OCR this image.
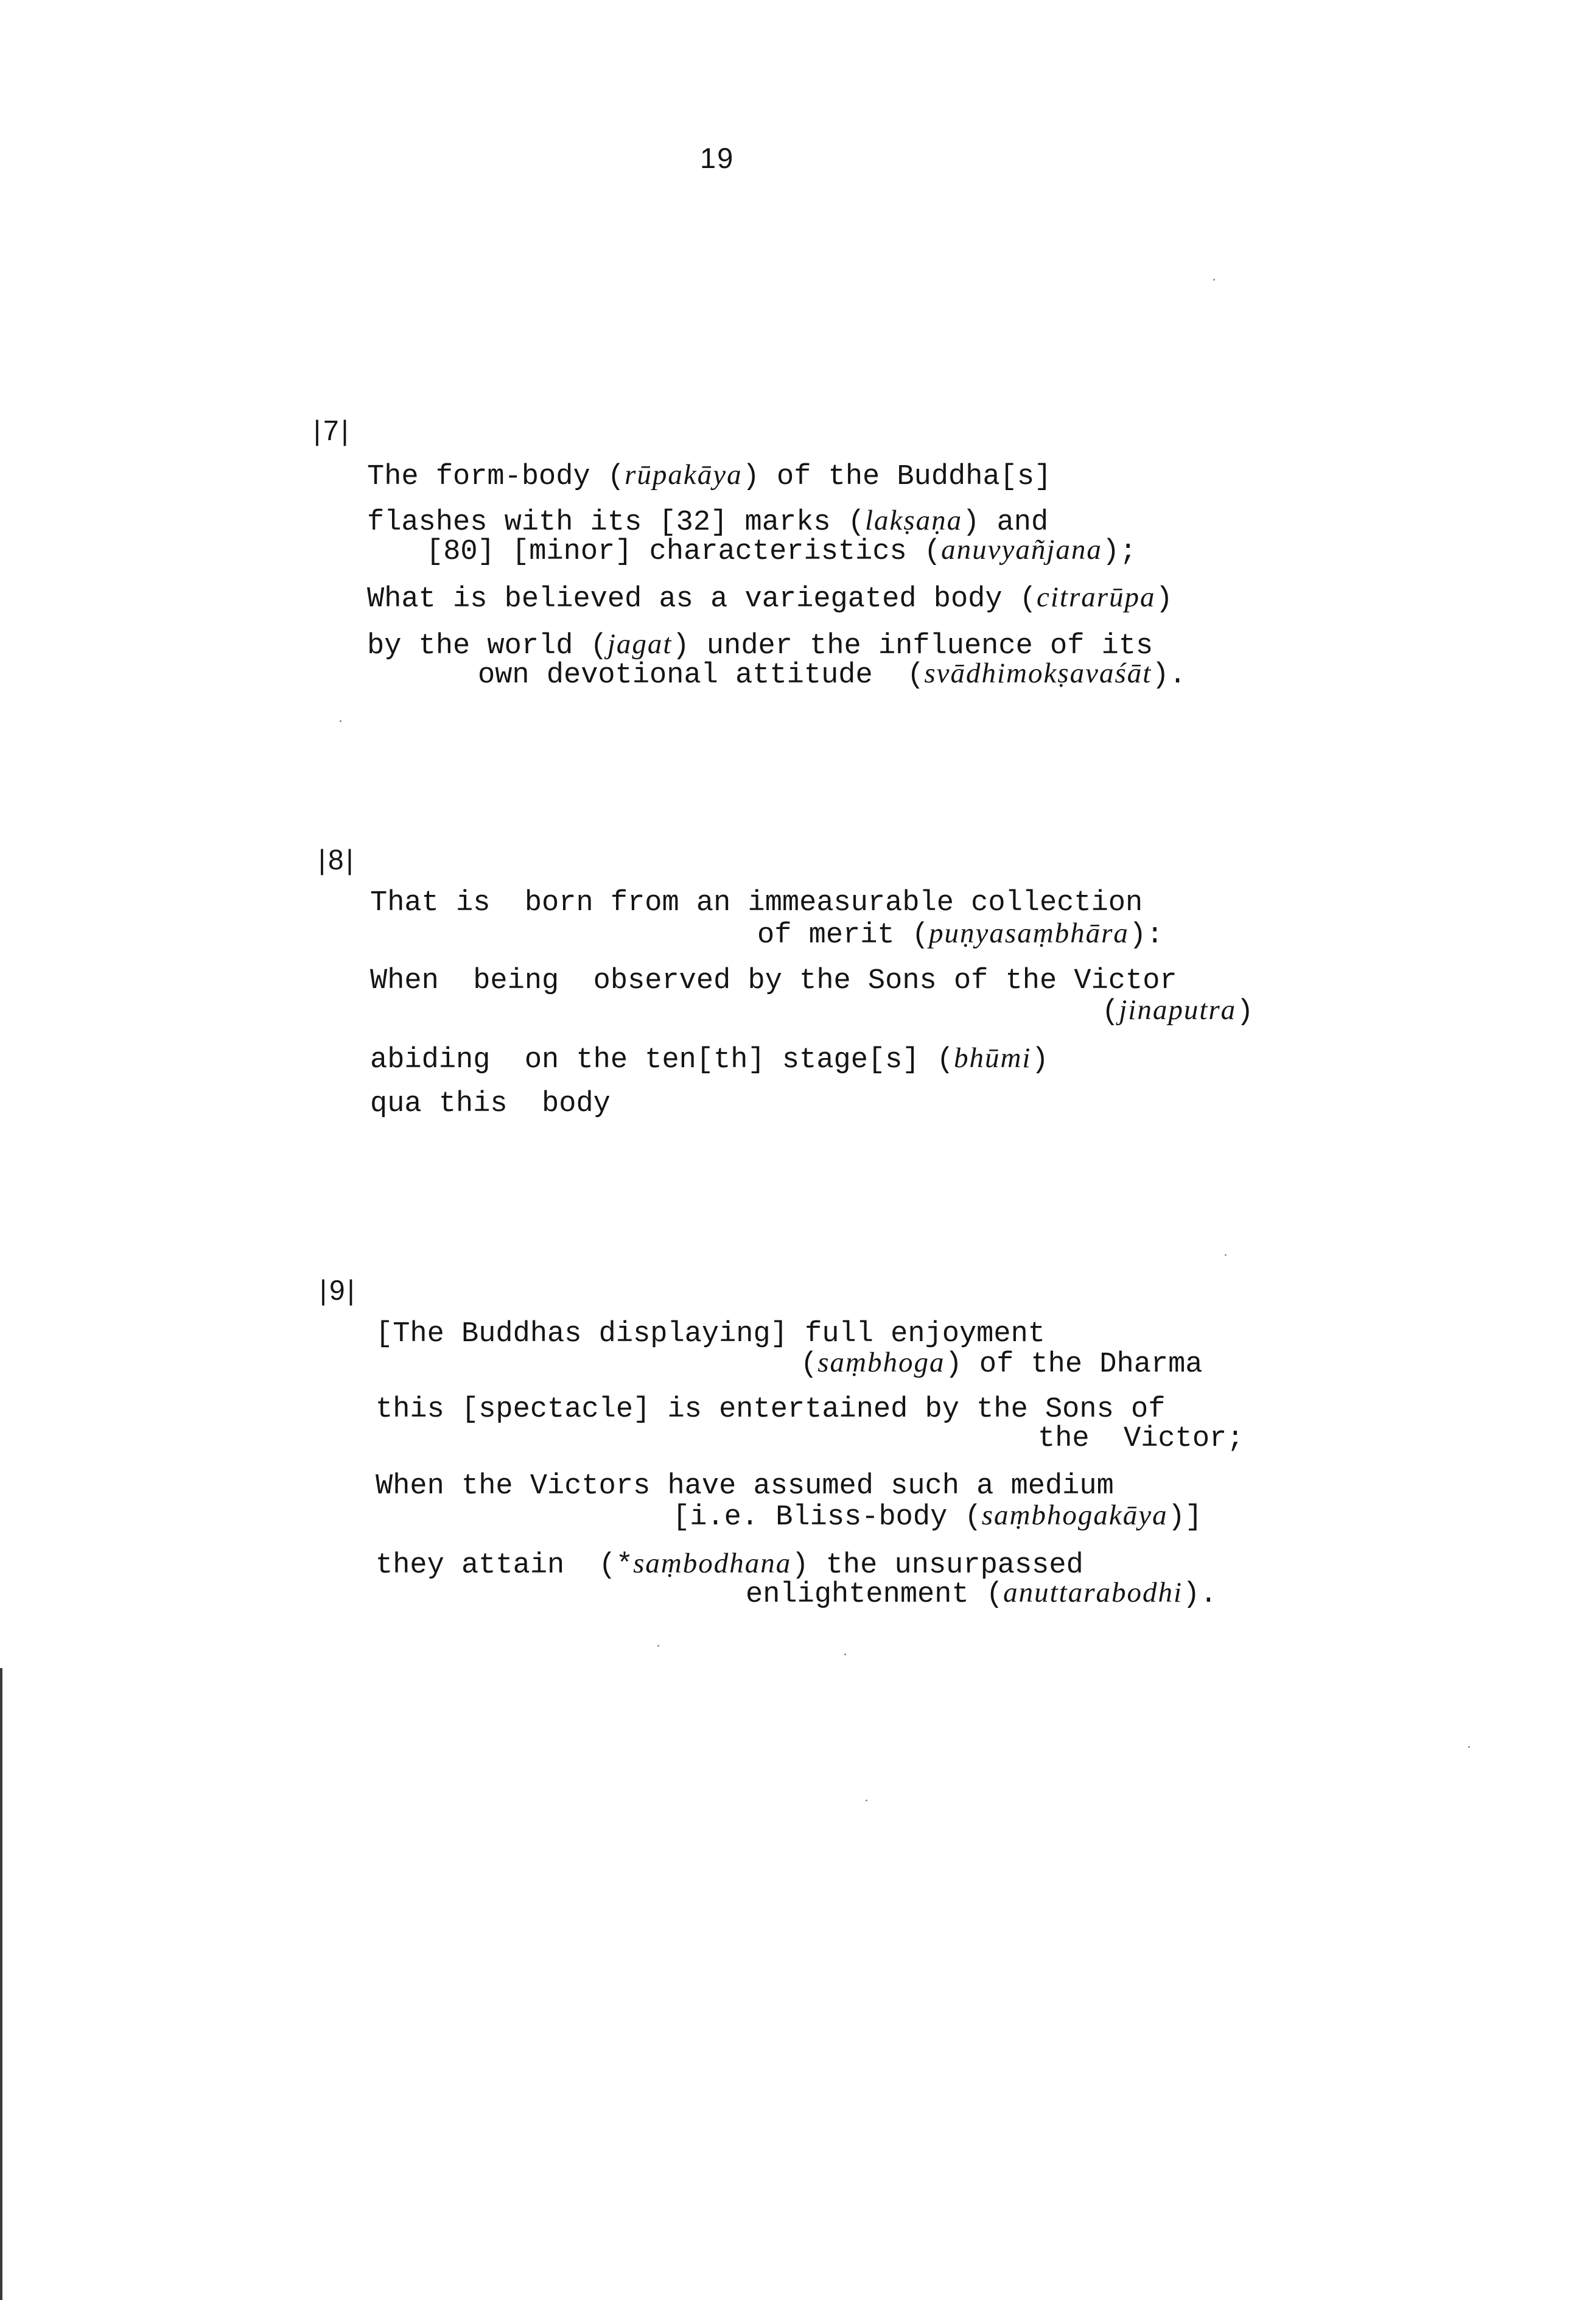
19
|7|
The form-body (rūpakāya) of the Buddha[s]
flashes with its [32] marks (lakṣaṇa) and
[80] [minor] characteristics (anuvyañjana);
What is believed as a variegated body (citrarūpa)
by the world (jagat) under the influence of its
own devotional attitude  (svādhimokṣavaśāt).
|8|
That is  born from an immeasurable collection
of merit (puṇyasaṃbhāra):
When  being  observed by the Sons of the Victor
(jinaputra)
abiding  on the ten[th] stage[s] (bhūmi)
qua this  body
|9|
[The Buddhas displaying] full enjoyment
(saṃbhoga) of the Dharma
this [spectacle] is entertained by the Sons of
the  Victor;
When the Victors have assumed such a medium
[i.e. Bliss-body (saṃbhogakāya)]
they attain  (*saṃbodhana) the unsurpassed
enlightenment (anuttarabodhi).
